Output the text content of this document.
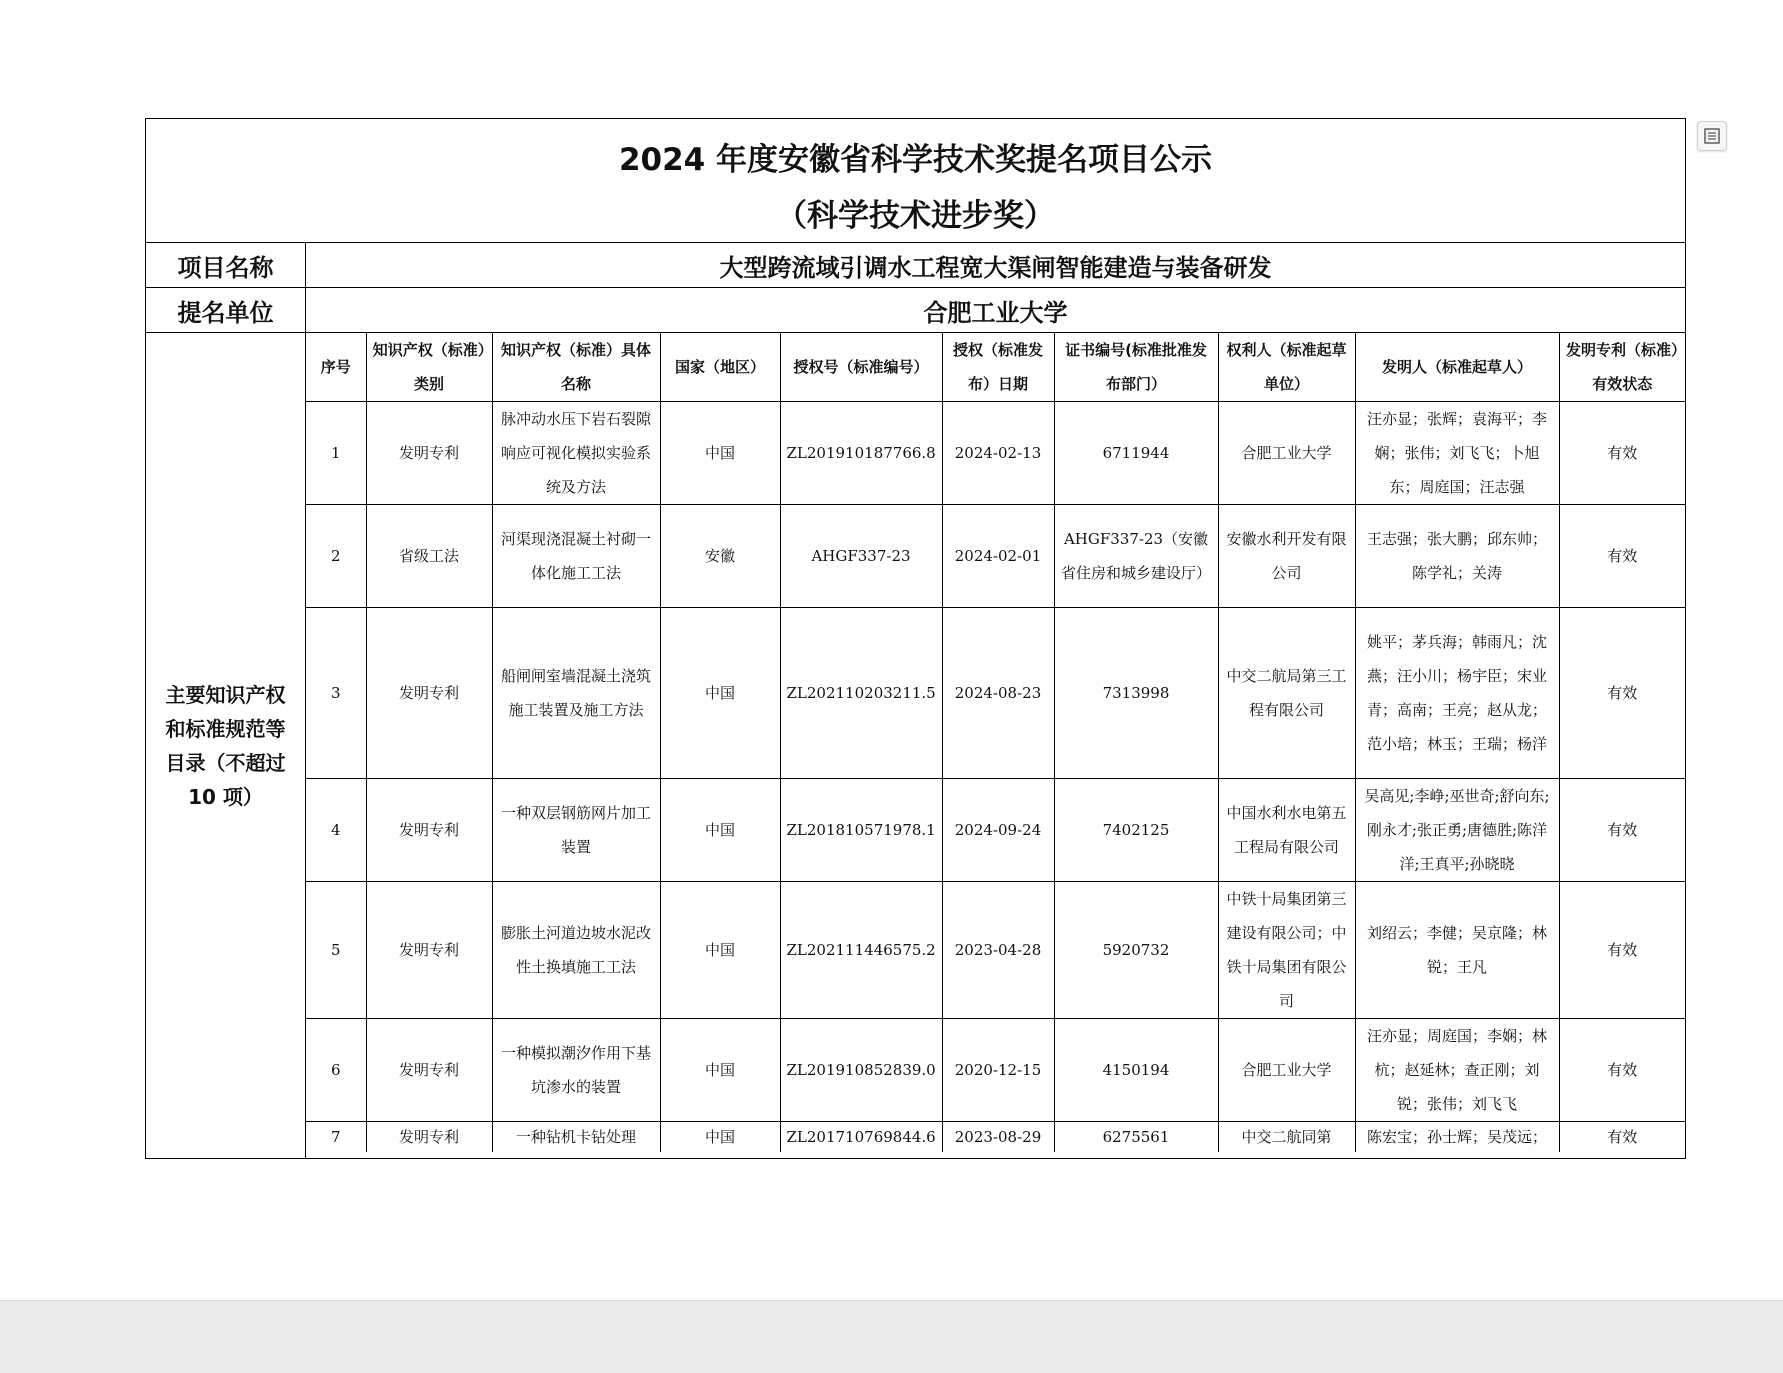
2024 年度安徽省科学技术奖提名项目公示
（科学技术进步奖）
项目名称	大型跨流域引调水工程宽大渠闸智能建造与装备研发
提名单位	合肥工业大学
主要知识产权和标准规范等目录（不超过 10 项）
序号	知识产权（标准）类别	知识产权（标准）具体名称	国家（地区）	授权号（标准编号）	授权（标准发布）日期	证书编号(标准批准发布部门）	权利人（标准起草单位）	发明人（标准起草人）	发明专利（标准）有效状态
1	发明专利	脉冲动水压下岩石裂隙响应可视化模拟实验系统及方法	中国	ZL201910187766.8	2024-02-13	6711944	合肥工业大学	汪亦显；张辉；袁海平；李娴；张伟；刘飞飞；卜旭东；周庭国；汪志强	有效
2	省级工法	河渠现浇混凝土衬砌一体化施工工法	安徽	AHGF337-23	2024-02-01	AHGF337-23（安徽省住房和城乡建设厅）	安徽水利开发有限公司	王志强；张大鹏；邱东帅；陈学礼；关涛	有效
3	发明专利	船闸闸室墙混凝土浇筑施工装置及施工方法	中国	ZL202110203211.5	2024-08-23	7313998	中交二航局第三工程有限公司	姚平；茅兵海；韩雨凡；沈燕；汪小川；杨宇臣；宋业青；高南；王亮；赵从龙；范小培；林玉；王瑞；杨洋	有效
4	发明专利	一种双层钢筋网片加工装置	中国	ZL201810571978.1	2024-09-24	7402125	中国水利水电第五工程局有限公司	吴高见;李峥;巫世奇;舒向东;刚永才;张正勇;唐德胜;陈洋洋;王真平;孙晓晓	有效
5	发明专利	膨胀土河道边坡水泥改性土换填施工工法	中国	ZL202111446575.2	2023-04-28	5920732	中铁十局集团第三建设有限公司；中铁十局集团有限公司	刘绍云；李健；吴京隆；林锐；王凡	有效
6	发明专利	一种模拟潮汐作用下基坑渗水的装置	中国	ZL201910852839.0	2020-12-15	4150194	合肥工业大学	汪亦显；周庭国；李娴；林杭；赵延林；查正刚；刘锐；张伟；刘飞飞	有效
7	发明专利	一种钻机卡钻处理	中国	ZL201710769844.6	2023-08-29	6275561	中交二航同第	陈宏宝；孙士辉；吴茂远；	有效
